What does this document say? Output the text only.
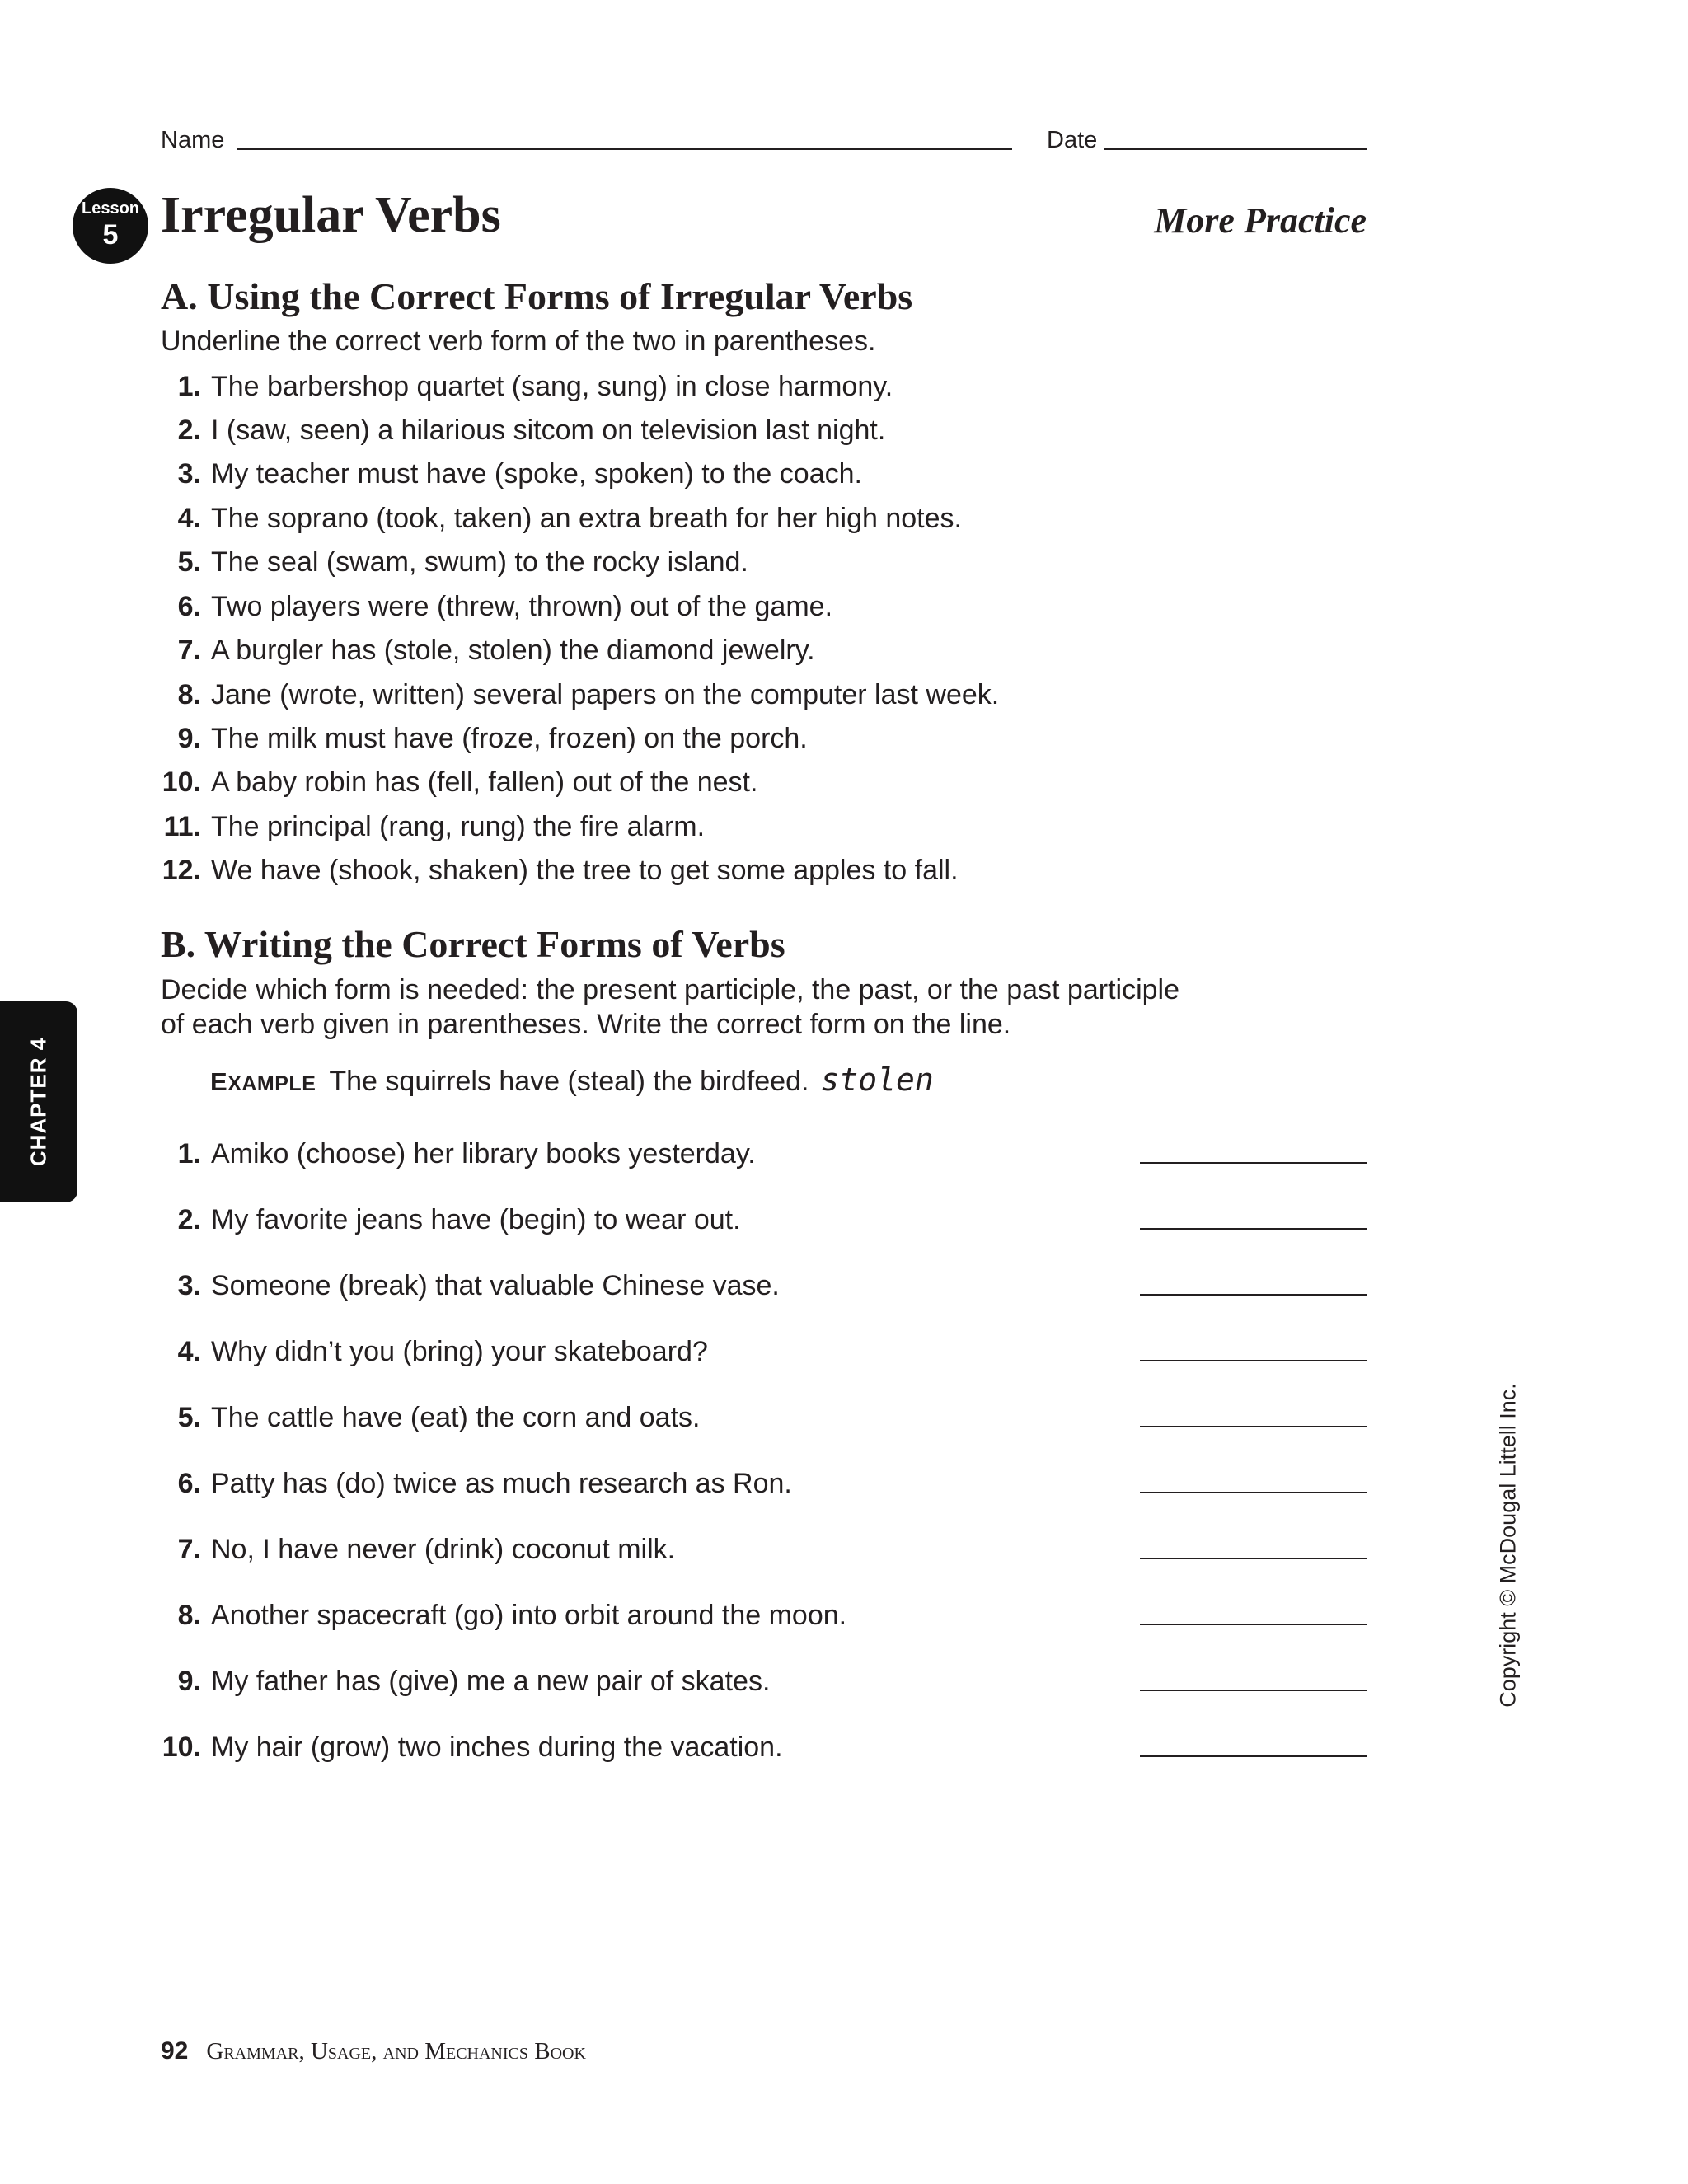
Name	Date
Lesson
5 Irregular Verbs	More Practice
A. Using the Correct Forms of Irregular Verbs
Underline the correct verb form of the two in parentheses.
1. The barbershop quartet (sang, sung) in close harmony.
2. I (saw, seen) a hilarious sitcom on television last night.
3. My teacher must have (spoke, spoken) to the coach.
4. The soprano (took, taken) an extra breath for her high notes.
5. The seal (swam, swum) to the rocky island.
6. Two players were (threw, thrown) out of the game.
7. A burgler has (stole, stolen) the diamond jewelry.
8. Jane (wrote, written) several papers on the computer last week.
9. The milk must have (froze, frozen) on the porch.
10. A baby robin has (fell, fallen) out of the nest.
11. The principal (rang, rung) the fire alarm.
12. We have (shook, shaken) the tree to get some apples to fall.
B. Writing the Correct Forms of Verbs
Decide which form is needed: the present participle, the past, or the past participle
of each verb given in parentheses. Write the correct form on the line.
EXAMPLE The squirrels have (steal) the birdfeed. stolen
1. Amiko (choose) her library books yesterday.
2. My favorite jeans have (begin) to wear out.
3. Someone (break) that valuable Chinese vase.
4. Why didn’t you (bring) your skateboard?
5. The cattle have (eat) the corn and oats.
6. Patty has (do) twice as much research as Ron.
7. No, I have never (drink) coconut milk.
8. Another spacecraft (go) into orbit around the moon.
9. My father has (give) me a new pair of skates.
10. My hair (grow) two inches during the vacation.
CHAPTER 4
Copyright © McDougal Littell Inc.
92 Grammar, Usage, and Mechanics Book
